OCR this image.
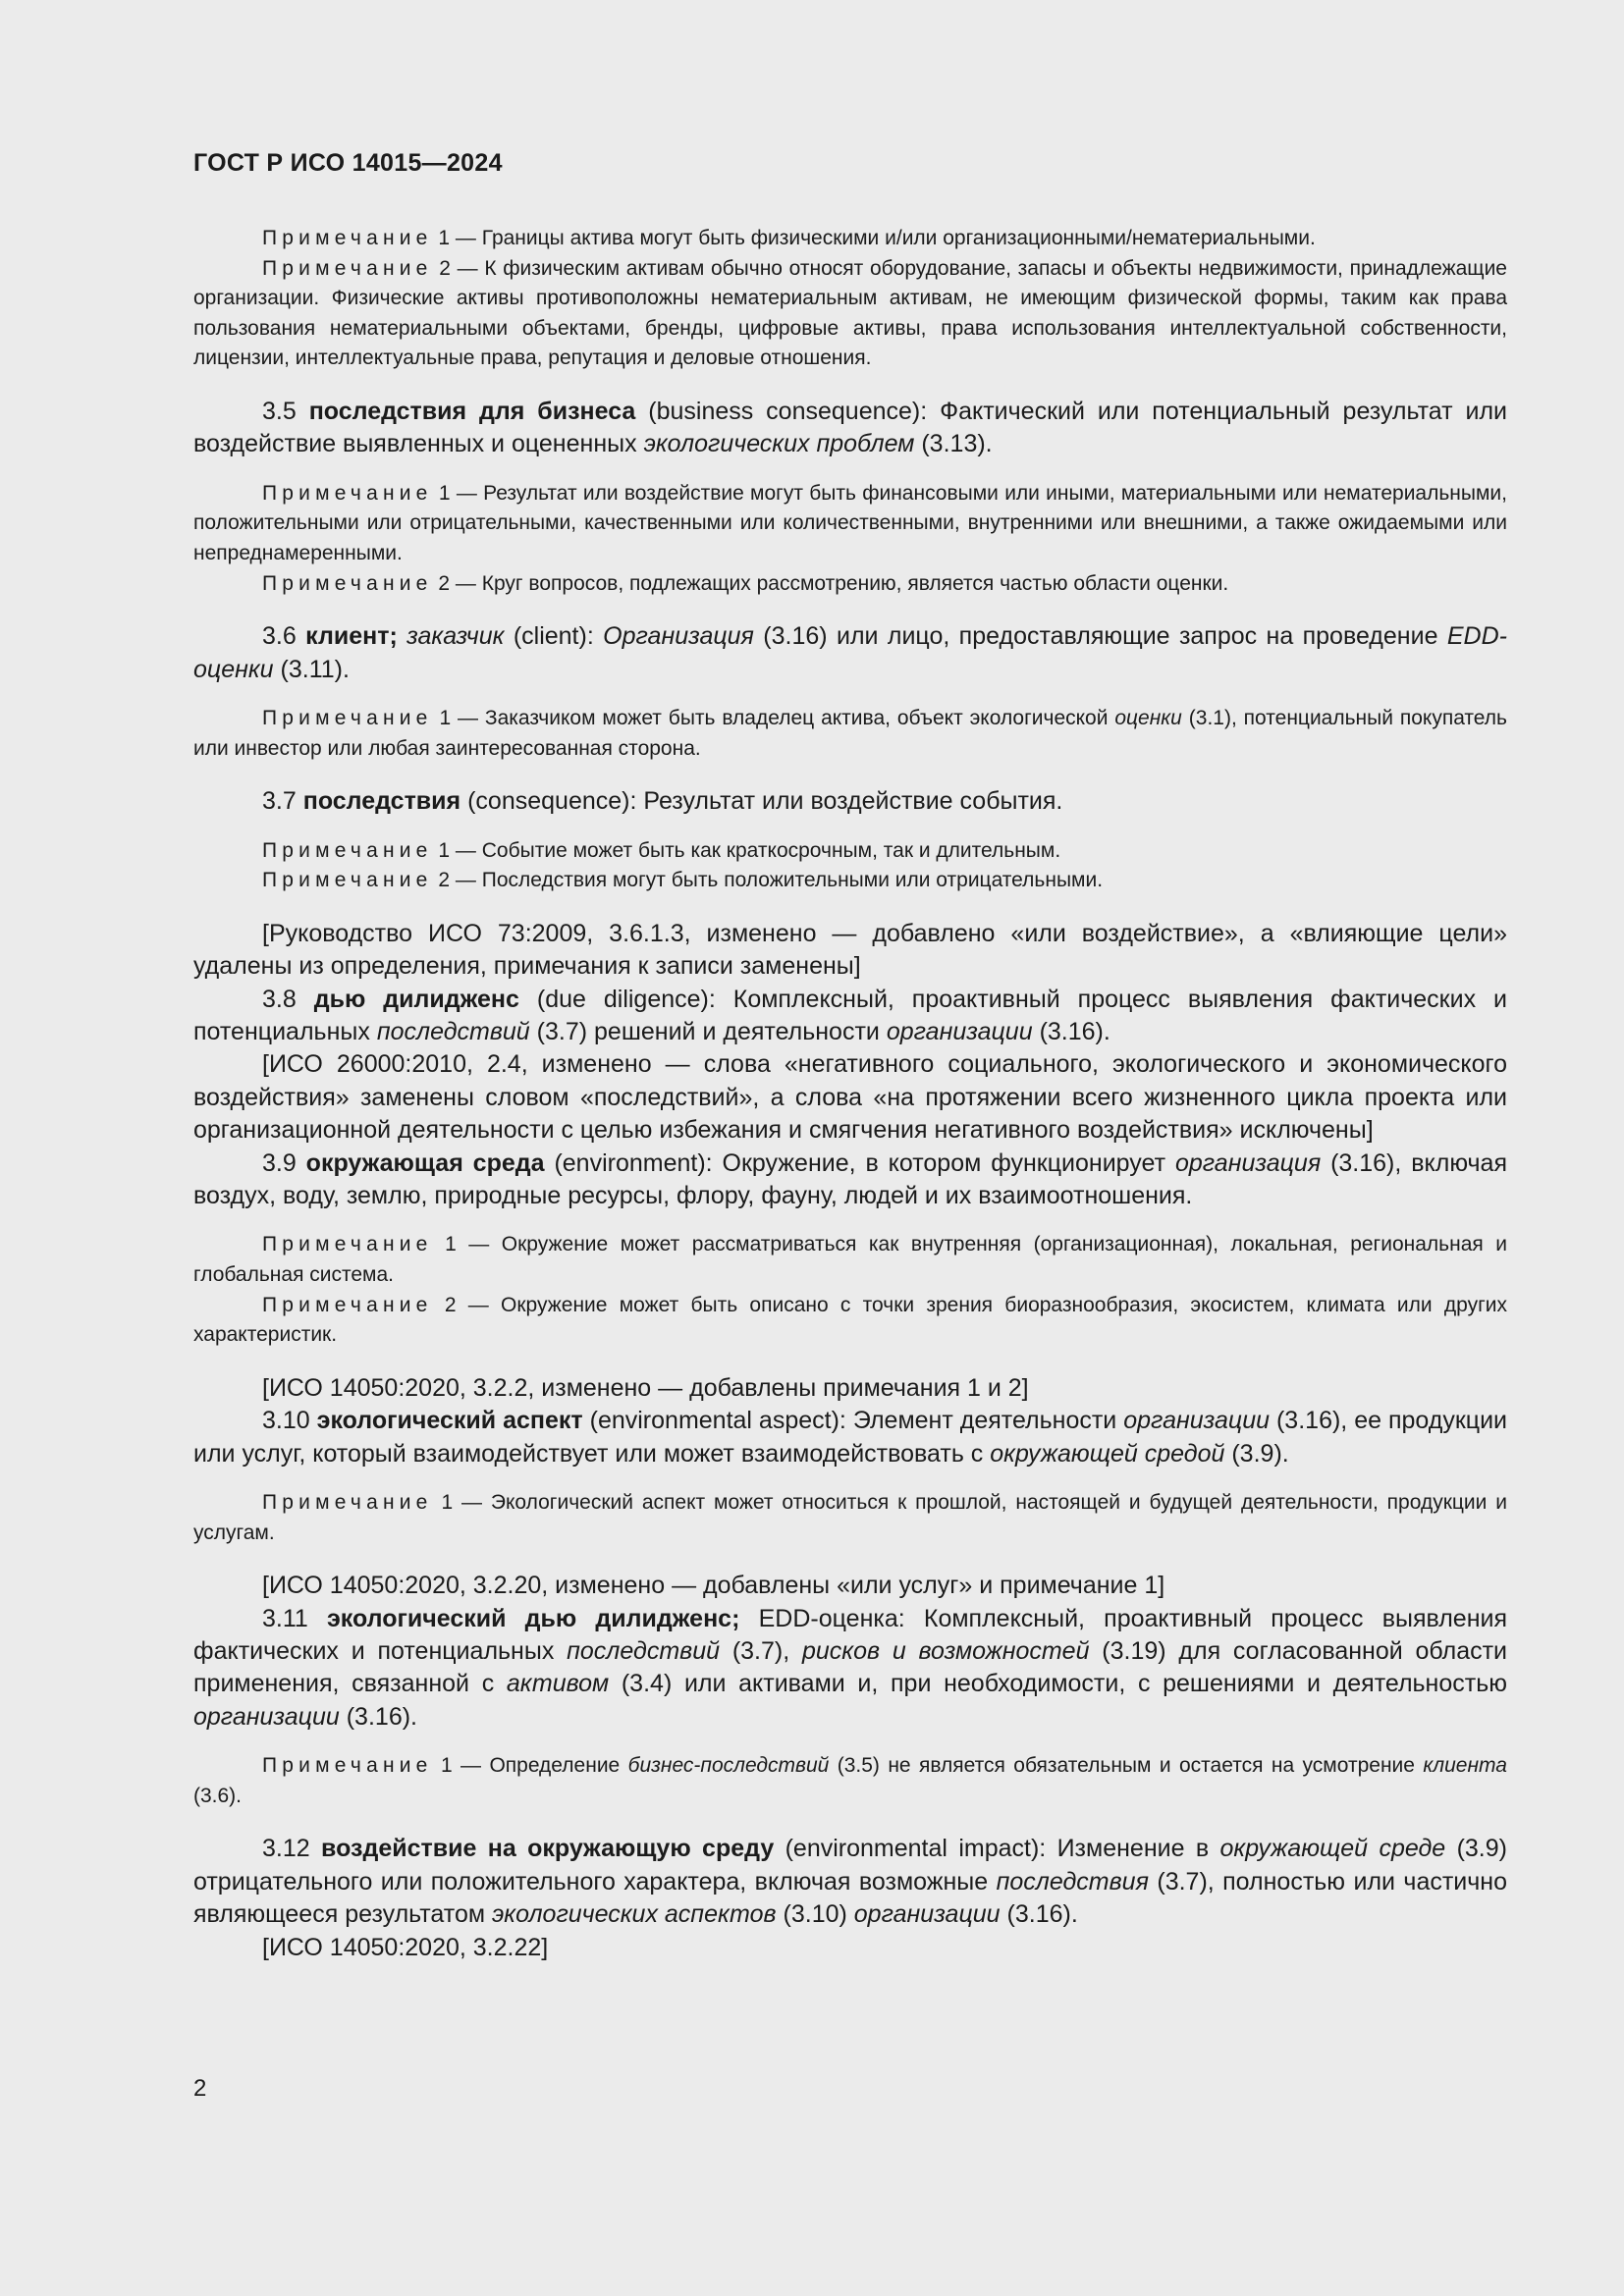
ГОСТ Р ИСО 14015—2024

Примечание 1 — Границы актива могут быть физическими и/или организационными/нематериальными.

Примечание 2 — К физическим активам обычно относят оборудование, запасы и объекты недвижимости, принадлежащие организации. Физические активы противоположны нематериальным активам, не имеющим физической формы, таким как права пользования нематериальными объектами, бренды, цифровые активы, права использования интеллектуальной собственности, лицензии, интеллектуальные права, репутация и деловые отношения.

3.5 последствия для бизнеса (business consequence): Фактический или потенциальный результат или воздействие выявленных и оцененных экологических проблем (3.13).

Примечание 1 — Результат или воздействие могут быть финансовыми или иными, материальными или нематериальными, положительными или отрицательными, качественными или количественными, внутренними или внешними, а также ожидаемыми или непреднамеренными.

Примечание 2 — Круг вопросов, подлежащих рассмотрению, является частью области оценки.

3.6 клиент; заказчик (client): Организация (3.16) или лицо, предоставляющие запрос на проведение EDD-оценки (3.11).

Примечание 1 — Заказчиком может быть владелец актива, объект экологической оценки (3.1), потенциальный покупатель или инвестор или любая заинтересованная сторона.

3.7 последствия (consequence): Результат или воздействие события.

Примечание 1 — Событие может быть как краткосрочным, так и длительным.

Примечание 2 — Последствия могут быть положительными или отрицательными.

[Руководство ИСО 73:2009, 3.6.1.3, изменено — добавлено «или воздействие», а «влияющие цели» удалены из определения, примечания к записи заменены]

3.8 дью дилидженс (due diligence): Комплексный, проактивный процесс выявления фактических и потенциальных последствий (3.7) решений и деятельности организации (3.16).

[ИСО 26000:2010, 2.4, изменено — слова «негативного социального, экологического и экономического воздействия» заменены словом «последствий», а слова «на протяжении всего жизненного цикла проекта или организационной деятельности с целью избежания и смягчения негативного воздействия» исключены]

3.9 окружающая среда (environment): Окружение, в котором функционирует организация (3.16), включая воздух, воду, землю, природные ресурсы, флору, фауну, людей и их взаимоотношения.

Примечание 1 — Окружение может рассматриваться как внутренняя (организационная), локальная, региональная и глобальная система.

Примечание 2 — Окружение может быть описано с точки зрения биоразнообразия, экосистем, климата или других характеристик.

[ИСО 14050:2020, 3.2.2, изменено — добавлены примечания 1 и 2]

3.10 экологический аспект (environmental aspect): Элемент деятельности организации (3.16), ее продукции или услуг, который взаимодействует или может взаимодействовать с окружающей средой (3.9).

Примечание 1 — Экологический аспект может относиться к прошлой, настоящей и будущей деятельности, продукции и услугам.

[ИСО 14050:2020, 3.2.20, изменено — добавлены «или услуг» и примечание 1]

3.11 экологический дью дилидженс; EDD-оценка: Комплексный, проактивный процесс выявления фактических и потенциальных последствий (3.7), рисков и возможностей (3.19) для согласованной области применения, связанной с активом (3.4) или активами и, при необходимости, с решениями и деятельностью организации (3.16).

Примечание 1 — Определение бизнес-последствий (3.5) не является обязательным и остается на усмотрение клиента (3.6).

3.12 воздействие на окружающую среду (environmental impact): Изменение в окружающей среде (3.9) отрицательного или положительного характера, включая возможные последствия (3.7), полностью или частично являющееся результатом экологических аспектов (3.10) организации (3.16).

[ИСО 14050:2020, 3.2.22]

2
